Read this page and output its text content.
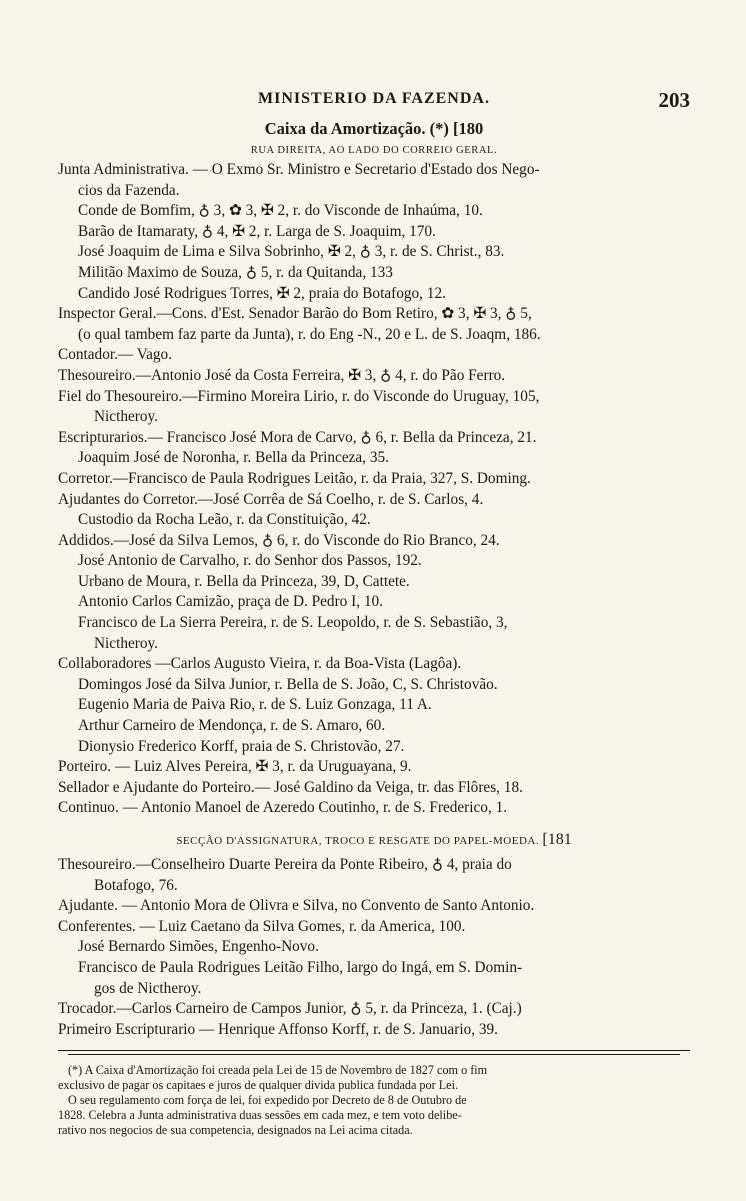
MINISTERIO DA FAZENDA.	203
Caixa da Amortização. (*) [180
RUA DIREITA, AO LADO DO CORREIO GERAL.
Junta Administrativa. — O Exmo Sr. Ministro e Secretario d'Estado dos Nego-
cios da Fazenda.
Conde de Bomfim, ♁ 3, ✿ 3, ✠ 2, r. do Visconde de Inhaúma, 10.
Barão de Itamaraty, ♁ 4, ✠ 2, r. Larga de S. Joaquim, 170.
José Joaquim de Lima e Silva Sobrinho, ✠ 2, ♁ 3, r. de S. Christ., 83.
Militão Maximo de Souza, ♁ 5, r. da Quitanda, 133
Candido José Rodrigues Torres, ✠ 2, praia do Botafogo, 12.
Inspector Geral.—Cons. d'Est. Senador Barão do Bom Retiro, ✿ 3, ✠ 3, ♁ 5,
(o qual tambem faz parte da Junta), r. do Eng -N., 20 e L. de S. Joaqm, 186.
Contador.— Vago.
Thesoureiro.—Antonio José da Costa Ferreira, ✠ 3, ♁ 4, r. do Pão Ferro.
Fiel do Thesoureiro.—Firmino Moreira Lirio, r. do Visconde do Uruguay, 105,
Nictheroy.
Escripturarios.— Francisco José Mora de Carvo, ♁ 6, r. Bella da Princeza, 21.
Joaquim José de Noronha, r. Bella da Princeza, 35.
Corretor.—Francisco de Paula Rodrigues Leitão, r. da Praia, 327, S. Doming.
Ajudantes do Corretor.—José Corrêa de Sá Coelho, r. de S. Carlos, 4.
Custodio da Rocha Leão, r. da Constituição, 42.
Addidos.—José da Silva Lemos, ♁ 6, r. do Visconde do Rio Branco, 24.
José Antonio de Carvalho, r. do Senhor dos Passos, 192.
Urbano de Moura, r. Bella da Princeza, 39, D, Cattete.
Antonio Carlos Camizão, praça de D. Pedro I, 10.
Francisco de La Sierra Pereira, r. de S. Leopoldo, r. de S. Sebastião, 3,
Nictheroy.
Collaboradores —Carlos Augusto Vieira, r. da Boa-Vista (Lagôa).
Domingos José da Silva Junior, r. Bella de S. João, C, S. Christovão.
Eugenio Maria de Paiva Rio, r. de S. Luiz Gonzaga, 11 A.
Arthur Carneiro de Mendonça, r. de S. Amaro, 60.
Dionysio Frederico Korff, praia de S. Christovão, 27.
Porteiro. — Luiz Alves Pereira, ✠ 3, r. da Uruguayana, 9.
Sellador e Ajudante do Porteiro.— José Galdino da Veiga, tr. das Flôres, 18.
Continuo. — Antonio Manoel de Azeredo Coutinho, r. de S. Frederico, 1.
SECÇÃO D'ASSIGNATURA, TROCO E RESGATE DO PAPEL-MOEDA. [181
Thesoureiro.—Conselheiro Duarte Pereira da Ponte Ribeiro, ♁ 4, praia do
Botafogo, 76.
Ajudante. — Antonio Mora de Olivra e Silva, no Convento de Santo Antonio.
Conferentes. — Luiz Caetano da Silva Gomes, r. da America, 100.
José Bernardo Simões, Engenho-Novo.
Francisco de Paula Rodrigues Leitão Filho, largo do Ingá, em S. Domin-
gos de Nictheroy.
Trocador.—Carlos Carneiro de Campos Junior, ♁ 5, r. da Princeza, 1. (Caj.)
Primeiro Escripturario — Henrique Affonso Korff, r. de S. Januario, 39.
(*) A Caixa d'Amortização foi creada pela Lei de 15 de Novembro de 1827 com o fim
exclusivo de pagar os capitaes e juros de qualquer divida publica fundada por Lei.
O seu regulamento com força de lei, foi expedido por Decreto de 8 de Outubro de
1828. Celebra a Junta administrativa duas sessões em cada mez, e tem voto delibe-
rativo nos negocios de sua competencia, designados na Lei acima citada.
